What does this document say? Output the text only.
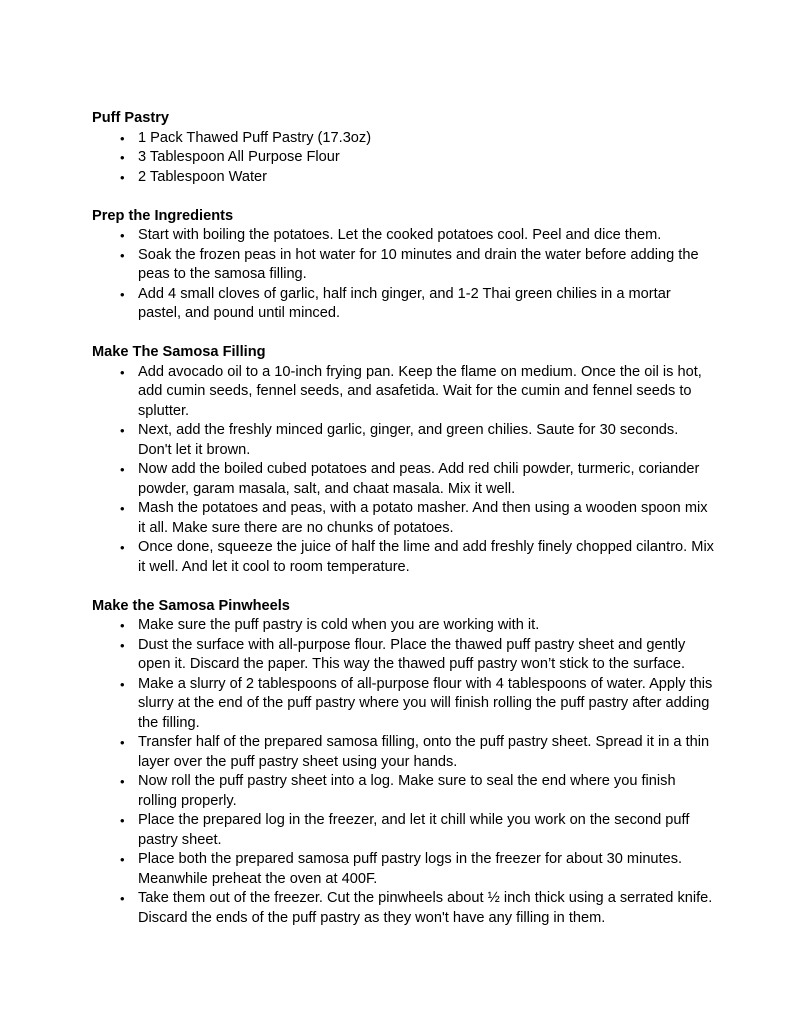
Puff Pastry
• 1 Pack Thawed Puff Pastry (17.3oz)
• 3 Tablespoon All Purpose Flour
• 2 Tablespoon Water
Prep the Ingredients
• Start with boiling the potatoes. Let the cooked potatoes cool. Peel and dice them.
• Soak the frozen peas in hot water for 10 minutes and drain the water before adding the peas to the samosa filling.
• Add 4 small cloves of garlic, half inch ginger, and 1-2 Thai green chilies in a mortar pastel, and pound until minced.
Make The Samosa Filling
• Add avocado oil to a 10-inch frying pan. Keep the flame on medium. Once the oil is hot, add cumin seeds, fennel seeds, and asafetida. Wait for the cumin and fennel seeds to splutter.
• Next, add the freshly minced garlic, ginger, and green chilies. Saute for 30 seconds. Don't let it brown.
• Now add the boiled cubed potatoes and peas. Add red chili powder, turmeric, coriander powder, garam masala, salt, and chaat masala. Mix it well.
• Mash the potatoes and peas, with a potato masher. And then using a wooden spoon mix it all. Make sure there are no chunks of potatoes.
• Once done, squeeze the juice of half the lime and add freshly finely chopped cilantro. Mix it well. And let it cool to room temperature.
Make the Samosa Pinwheels
• Make sure the puff pastry is cold when you are working with it.
• Dust the surface with all-purpose flour. Place the thawed puff pastry sheet and gently open it. Discard the paper. This way the thawed puff pastry won’t stick to the surface.
• Make a slurry of 2 tablespoons of all-purpose flour with 4 tablespoons of water. Apply this slurry at the end of the puff pastry where you will finish rolling the puff pastry after adding the filling.
• Transfer half of the prepared samosa filling, onto the puff pastry sheet. Spread it in a thin layer over the puff pastry sheet using your hands.
• Now roll the puff pastry sheet into a log. Make sure to seal the end where you finish rolling properly.
• Place the prepared log in the freezer, and let it chill while you work on the second puff pastry sheet.
• Place both the prepared samosa puff pastry logs in the freezer for about 30 minutes. Meanwhile preheat the oven at 400F.
• Take them out of the freezer. Cut the pinwheels about ½ inch thick using a serrated knife. Discard the ends of the puff pastry as they won't have any filling in them.
